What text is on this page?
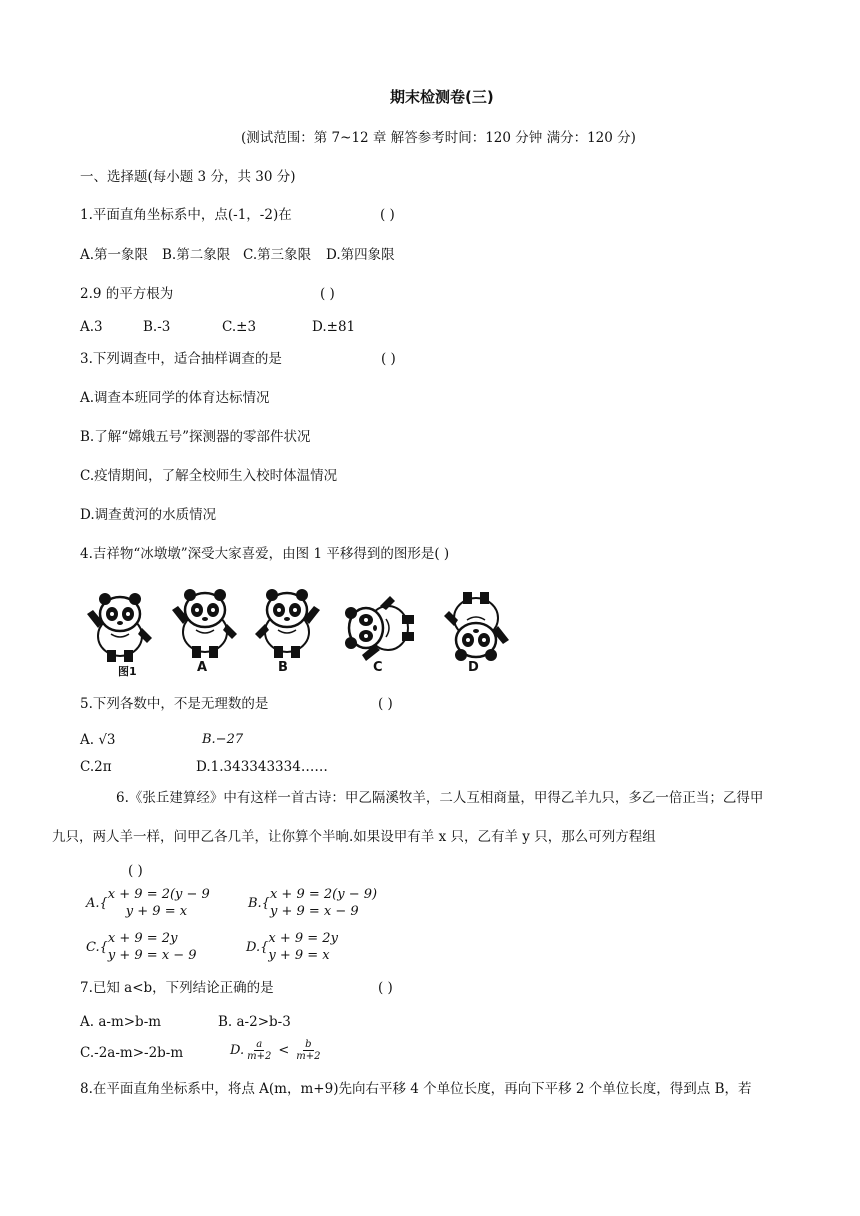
期末检测卷(三)
(测试范围：第 7~12 章 解答参考时间：120 分钟 满分：120 分)
一、选择题(每小题 3 分，共 30 分)
1.平面直角坐标系中，点(-1，-2)在	( )
A.第一象限 B.第二象限 C.第三象限 D.第四象限
2.9 的平方根为	( )
A.3	B.-3	C.±3	D.±81
3.下列调查中，适合抽样调查的是	( )
A.调查本班同学的体育达标情况
B.了解“嫦娥五号”探测器的零部件状况
C.疫情期间，了解全校师生入校时体温情况
D.调查黄河的水质情况
4.吉祥物“冰墩墩”深受大家喜爱，由图 1 平移得到的图形是( )
图1	A	B	C	D
5.下列各数中，不是无理数的是	( )
A. √3	B.−27
C.2π	D.1.343343334……
6.《张丘建算经》中有这样一首古诗：甲乙隔溪牧羊，二人互相商量，甲得乙羊九只，多乙一倍正当；乙得甲
九只，两人羊一样，问甲乙各几羊，让你算个半晌.如果设甲有羊 x 只，乙有羊 y 只，那么可列方程组
( )
A.{
x + 9 = 2(y − 9
y + 9 = x
B.{
x + 9 = 2(y − 9)
y + 9 = x − 9
C.{
x + 9 = 2y
y + 9 = x − 9
D.{
x + 9 = 2y
y + 9 = x
7.已知 a<b，下列结论正确的是	( )
A. a-m>b-m	B. a-2>b-3
C.-2a-m>-2b-m	D. $\frac{a}{m+2} < \frac{b}{m+2}$
8.在平面直角坐标系中，将点 A(m，m+9)先向右平移 4 个单位长度，再向下平移 2 个单位长度，得到点 B，若
